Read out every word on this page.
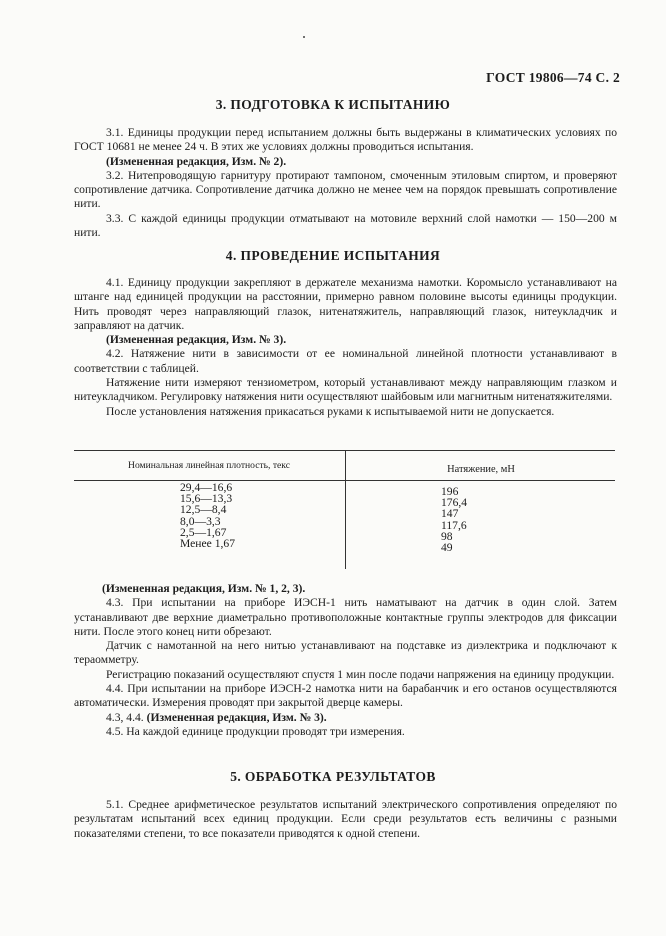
ГОСТ 19806—74 С. 2
3. ПОДГОТОВКА К ИСПЫТАНИЮ

3.1. Единицы продукции перед испытанием должны быть выдержаны в климатических условиях по ГОСТ 10681 не менее 24 ч. В этих же условиях должны проводиться испытания.

(Измененная редакция, Изм. № 2).

3.2. Нитепроводящую гарнитуру протирают тампоном, смоченным этиловым спиртом, и проверяют сопротивление датчика. Сопротивление датчика должно не менее чем на порядок превышать сопротивление нити.

3.3. С каждой единицы продукции отматывают на мотовиле верхний слой намотки — 150—200 м нити.

4. ПРОВЕДЕНИЕ ИСПЫТАНИЯ

4.1. Единицу продукции закрепляют в держателе механизма намотки. Коромысло устанавливают на штанге над единицей продукции на расстоянии, примерно равном половине высоты единицы продукции. Нить проводят через направляющий глазок, нитенатяжитель, направляющий глазок, нитеукладчик и заправляют на датчик.

(Измененная редакция, Изм. № 3).

4.2. Натяжение нити в зависимости от ее номинальной линейной плотности устанавливают в соответствии с таблицей.

Натяжение нити измеряют тензиометром, который устанавливают между направляющим глазком и нитеукладчиком. Регулировку натяжения нити осуществляют шайбовым или магнитным нитенатяжителями.

После установления натяжения прикасаться руками к испытываемой нити не допускается.

Номинальная линейная плотность, текс	Натяжение, мН
29,4—16,6
15,6—13,3
12,5—8,4
8,0—3,3
2,5—1,67
Менее 1,67
196
176,4
147
117,6
98
49

(Измененная редакция, Изм. № 1, 2, 3).

4.3. При испытании на приборе ИЭСН-1 нить наматывают на датчик в один слой. Затем устанавливают две верхние диаметрально противоположные контактные группы электродов для фиксации нити. После этого конец нити обрезают.

Датчик с намотанной на него нитью устанавливают на подставке из диэлектрика и подключают к тераомметру.

Регистрацию показаний осуществляют спустя 1 мин после подачи напряжения на единицу продукции.

4.4. При испытании на приборе ИЭСН-2 намотка нити на барабанчик и его останов осуществляются автоматически. Измерения проводят при закрытой дверце камеры.

4.3, 4.4. (Измененная редакция, Изм. № 3).

4.5. На каждой единице продукции проводят три измерения.

5. ОБРАБОТКА РЕЗУЛЬТАТОВ

5.1. Среднее арифметическое результатов испытаний электрического сопротивления определяют по результатам испытаний всех единиц продукции. Если среди результатов есть величины с разными показателями степени, то все показатели приводятся к одной степени.
